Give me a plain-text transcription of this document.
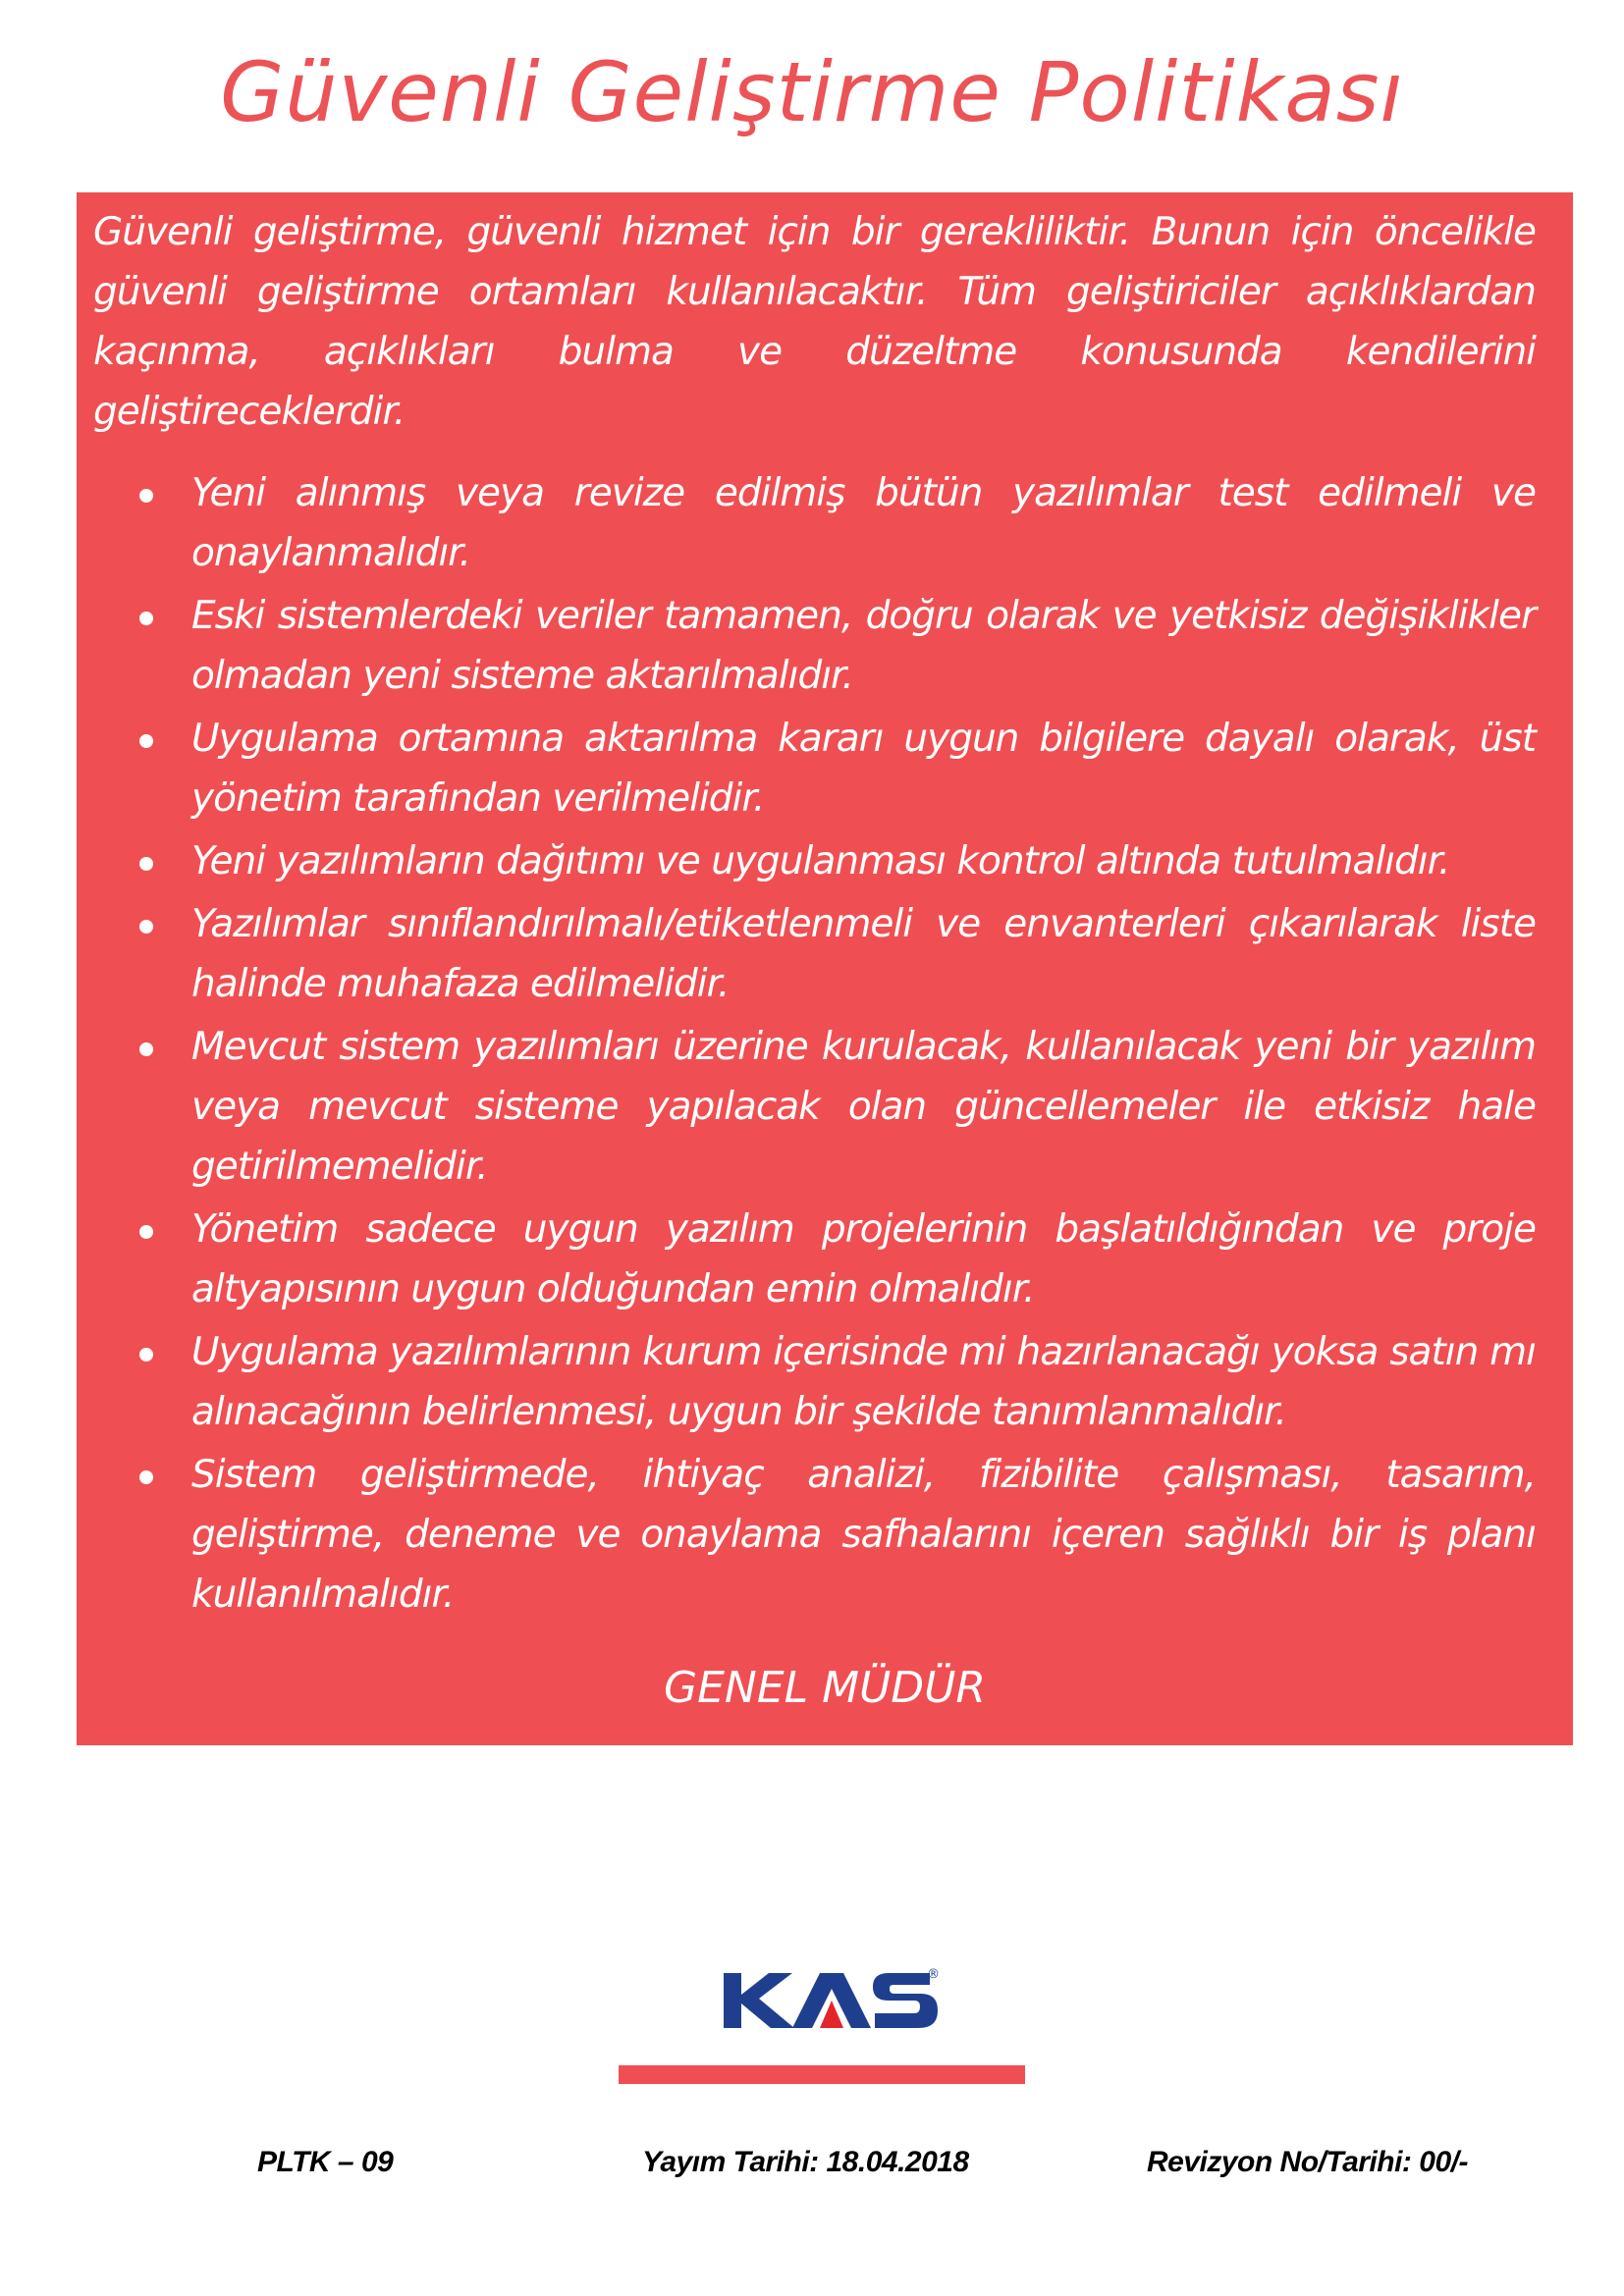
Güvenli Geliştirme Politikası

Güvenli geliştirme, güvenli hizmet için bir gerekliliktir. Bunun için öncelikle güvenli geliştirme ortamları kullanılacaktır. Tüm geliştiriciler açıklıklardan kaçınma, açıklıkları bulma ve düzeltme konusunda kendilerini geliştireceklerdir.

Yeni alınmış veya revize edilmiş bütün yazılımlar test edilmeli ve onaylanmalıdır.
Eski sistemlerdeki veriler tamamen, doğru olarak ve yetkisiz değişiklikler olmadan yeni sisteme aktarılmalıdır.
Uygulama ortamına aktarılma kararı uygun bilgilere dayalı olarak, üst yönetim tarafından verilmelidir.
Yeni yazılımların dağıtımı ve uygulanması kontrol altında tutulmalıdır.
Yazılımlar sınıflandırılmalı/etiketlenmeli ve envanterleri çıkarılarak liste halinde muhafaza edilmelidir.
Mevcut sistem yazılımları üzerine kurulacak, kullanılacak yeni bir yazılım veya mevcut sisteme yapılacak olan güncellemeler ile etkisiz hale getirilmemelidir.
Yönetim sadece uygun yazılım projelerinin başlatıldığından ve proje altyapısının uygun olduğundan emin olmalıdır.
Uygulama yazılımlarının kurum içerisinde mi hazırlanacağı yoksa satın mı alınacağının belirlenmesi, uygun bir şekilde tanımlanmalıdır.
Sistem geliştirmede, ihtiyaç analizi, fizibilite çalışması, tasarım, geliştirme, deneme ve onaylama safhalarını içeren sağlıklı bir iş planı kullanılmalıdır.
GENEL MÜDÜR
®
PLTK – 09	Yayım Tarihi: 18.04.2018	Revizyon No/Tarihi: 00/-
